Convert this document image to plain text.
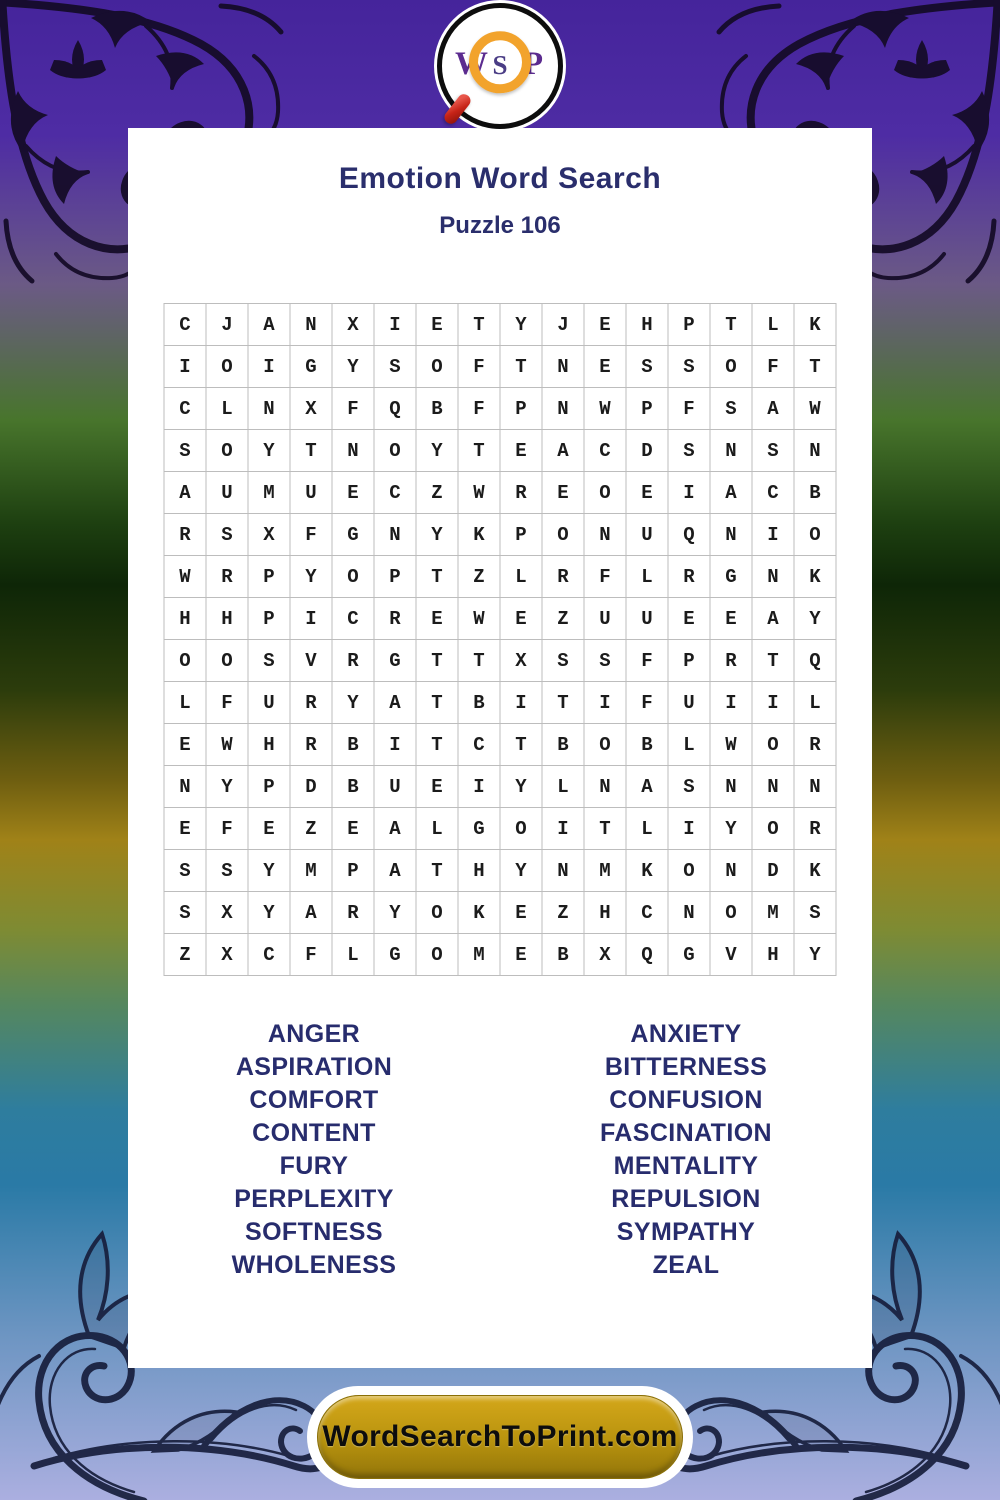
W S P
Emotion Word Search
Puzzle 106
C	J	A	N	X	I	E	T	Y	J	E	H	P	T	L	K
I	O	I	G	Y	S	O	F	T	N	E	S	S	O	F	T
C	L	N	X	F	Q	B	F	P	N	W	P	F	S	A	W
S	O	Y	T	N	O	Y	T	E	A	C	D	S	N	S	N
A	U	M	U	E	C	Z	W	R	E	O	E	I	A	C	B
R	S	X	F	G	N	Y	K	P	O	N	U	Q	N	I	O
W	R	P	Y	O	P	T	Z	L	R	F	L	R	G	N	K
H	H	P	I	C	R	E	W	E	Z	U	U	E	E	A	Y
O	O	S	V	R	G	T	T	X	S	S	F	P	R	T	Q
L	F	U	R	Y	A	T	B	I	T	I	F	U	I	I	L
E	W	H	R	B	I	T	C	T	B	O	B	L	W	O	R
N	Y	P	D	B	U	E	I	Y	L	N	A	S	N	N	N
E	F	E	Z	E	A	L	G	O	I	T	L	I	Y	O	R
S	S	Y	M	P	A	T	H	Y	N	M	K	O	N	D	K
S	X	Y	A	R	Y	O	K	E	Z	H	C	N	O	M	S
Z	X	C	F	L	G	O	M	E	B	X	Q	G	V	H	Y
ANGER
ASPIRATION
COMFORT
CONTENT
FURY
PERPLEXITY
SOFTNESS
WHOLENESS
ANXIETY
BITTERNESS
CONFUSION
FASCINATION
MENTALITY
REPULSION
SYMPATHY
ZEAL
WordSearchToPrint.com
